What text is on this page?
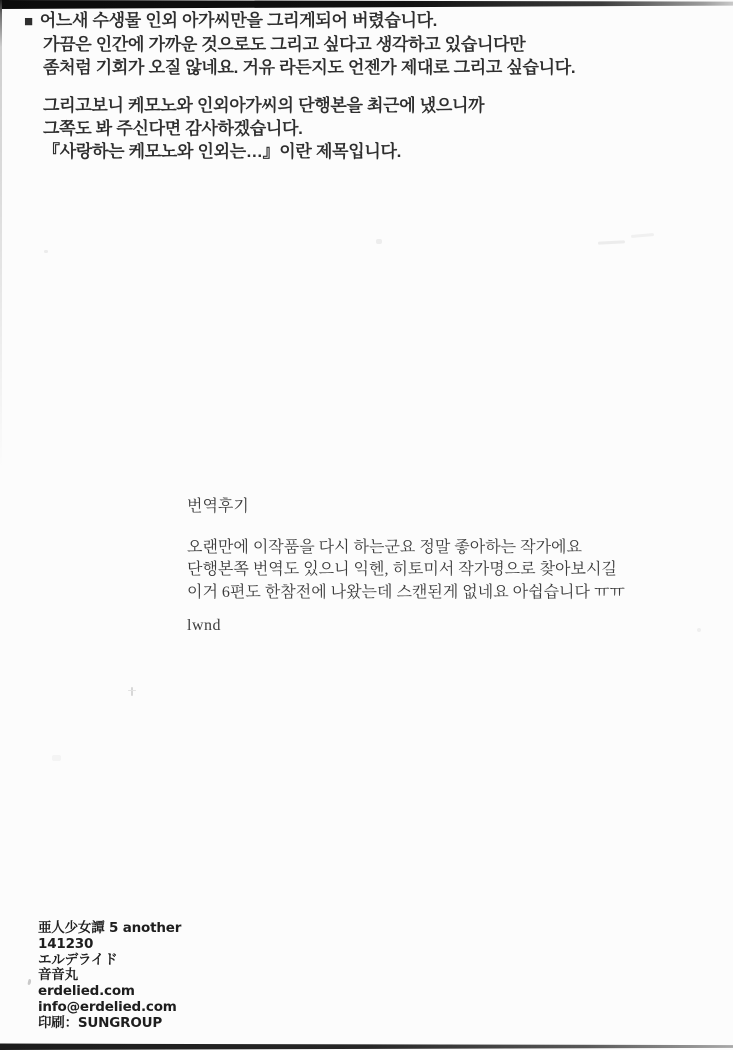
■ 어느새 수생물 인외 아가씨만을 그리게되어 버렸습니다.

가끔은 인간에 가까운 것으로도 그리고 싶다고 생각하고 있습니다만

좀처럼 기회가 오질 않네요. 거유 라든지도 언젠가 제대로 그리고 싶습니다.

그리고보니 케모노와 인외아가씨의 단행본을 최근에 냈으니까

그쪽도 봐 주신다면 감사하겠습니다.

『사랑하는 케모노와 인외는…』이란 제목입니다.

번역후기

오랜만에 이작품을 다시 하는군요 정말 좋아하는 작가에요

단행본쪽 번역도 있으니 익헨, 히토미서 작가명으로 찾아보시길

이거 6편도 한참전에 나왔는데 스캔된게 없네요 아쉽습니다 ㅠㅠ

lwnd

亜人少女譚 5 another

141230

エルデライド

音音丸

erdelied.com

info@erdelied.com

印刷：SUNGROUP
